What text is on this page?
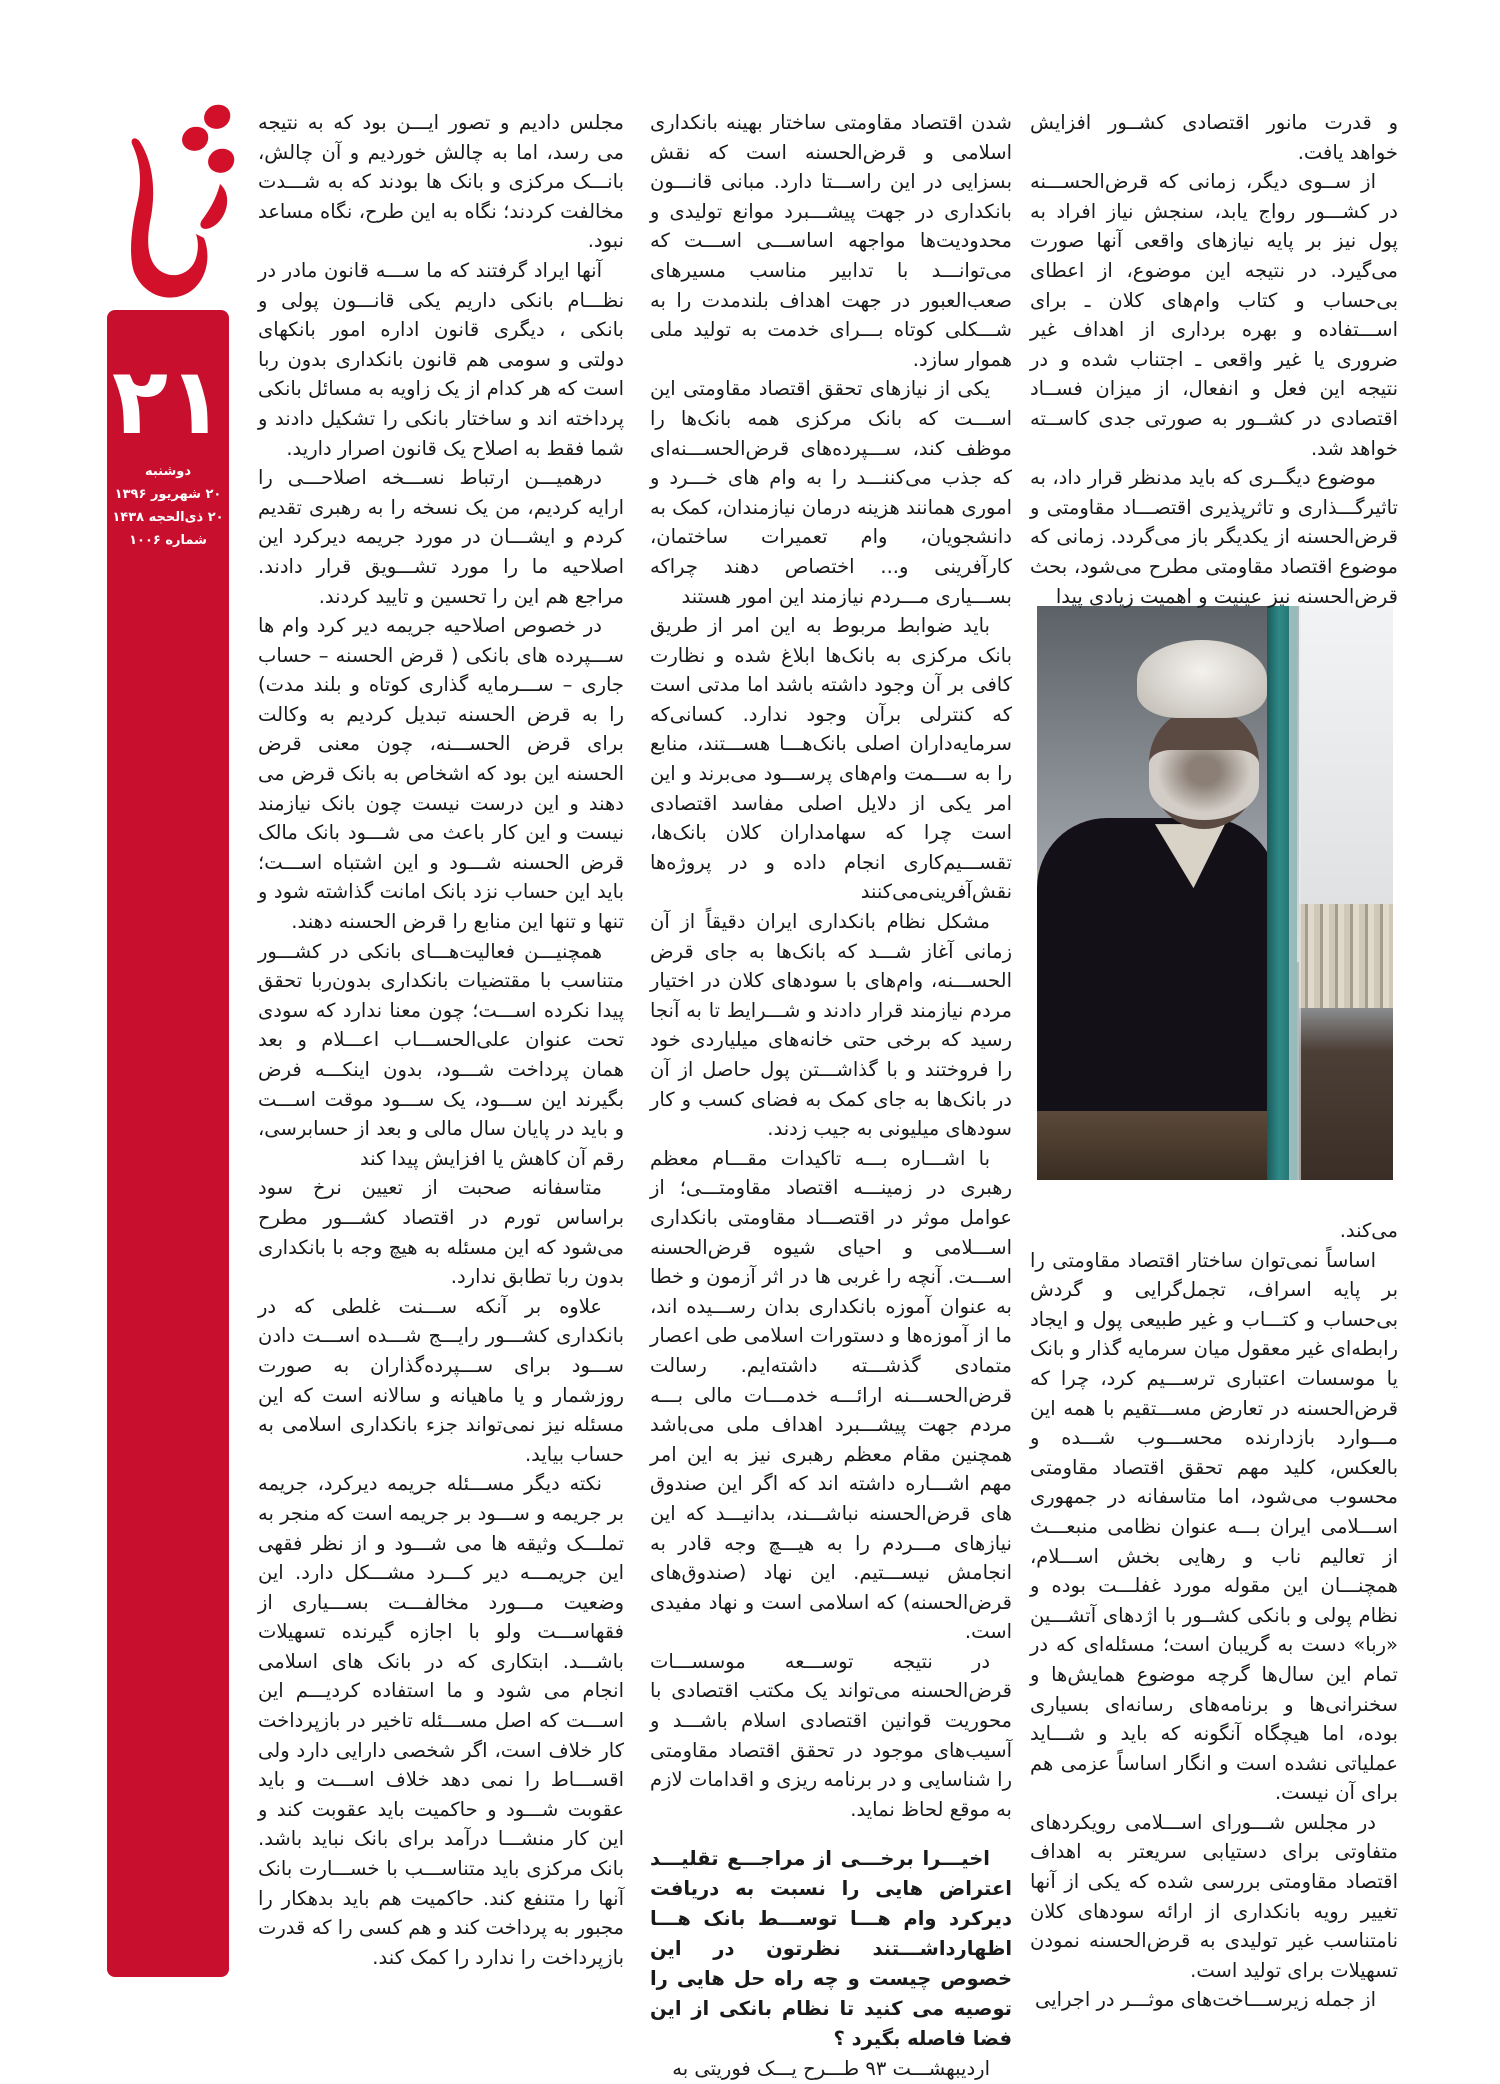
۲۱
دوشنبه
۲۰ شهریور ۱۳۹۶
۲۰ ذی‌الحجه ۱۴۳۸
شماره ۱۰۰۶

و قدرت مانور اقتصادی کشــور افزایش خواهد یافت.

از ســوی دیگر، زمانی که قرض‌الحســـنه در کشـــور رواج یابد، سنجش نیاز افراد به پول نیز بر پایه نیازهای واقعی آنها صورت می‌گیرد. در نتیجه این موضوع، از اعطای بی‌حساب و کتاب وام‌های کلان ـ برای اســـتفاده و بهره برداری از اهداف غیر ضروری یا غیر واقعی ـ اجتناب شده و در نتیجه این فعل و انفعال، از میزان فســاد اقتصادی در کشــور به صورتی جدی کاســته خواهد شد.

موضوع دیگــری که باید مدنظر قرار داد، به تاثیرگـــذاری و تاثرپذیری اقتصـــاد مقاومتی و قرض‌الحسنه از یکدیگر باز می‌گردد. زمانی که موضوع اقتصاد مقاومتی مطرح می‌شود، بحث قرض‌الحسنه نیز عینیت و اهمیت زیادی پیدا

می‌کند.

اساساً نمی‌توان ساختار اقتصاد مقاومتی را بر پایه اسراف، تجمل‌گرایی و گردش بی‌حساب و کتـــاب و غیر طبیعی پول و ایجاد رابطه‌ای غیر معقول میان سرمایه گذار و بانک یا موسسات اعتباری ترســـیم کرد، چرا که قرض‌الحسنه در تعارض مســـتقیم با همه این مـــوارد بازدارنده محســـوب شـــده و بالعکس، کلید مهم تحقق اقتصاد مقاومتی محسوب می‌شود، اما متاسفانه در جمهوری اســـلامی ایران بـــه عنوان نظامی منبعـــث از تعالیم ناب و رهایی بخش اســـلام، همچنـــان این مقوله مورد غفلـــت بوده و نظام پولی و بانکی کشــور با اژدهای آتشـــین «ربا» دست به گریبان است؛ مسئله‌ای که در تمام این سال‌ها گرچه موضوع همایش‌ها و سخنرانی‌ها و برنامه‌های رسانه‌ای بسیاری بوده، اما هیچگاه آنگونه که باید و شـــاید عملیاتی نشده است و انگار اساساً عزمی هم برای آن نیست.

در مجلس شـــورای اســـلامی رویکردهای متفاوتی برای دستیابی سریعتر به اهداف اقتصاد مقاومتی بررسی شده که یکی از آنها تغییر رویه بانکداری از ارائه سودهای کلان نامتناسب غیر تولیدی به قرض‌الحسنه نمودن تسهیلات برای تولید است.

از جمله زیرســـاخت‌های موثـــر در اجرایی

شدن اقتصاد مقاومتی ساختار بهینه بانکداری اسلامی و قرض‌الحسنه است که نقش بسزایی در این راســـتا دارد. مبانی قانـــون بانکداری در جهت پیشـــبرد موانع تولیدی و محدودیت‌ها مواجهه اساســـی اســـت که می‌توانـــد با تدابیر مناسب مسیرهای صعب‌العبور در جهت اهداف بلندمدت را به شـــکلی کوتاه بـــرای خدمت به تولید ملی هموار سازد.

یکی از نیازهای تحقق اقتصاد مقاومتی این اســـت که بانک مرکزی همه بانک‌ها را موظف کند، ســـپرده‌های قرض‌الحســـنه‌ای که جذب می‌کننـــد را به وام های خـــرد و اموری همانند هزینه درمان نیازمندان، کمک به دانشجویان، وام تعمیرات ساختمان، کارآفرینی و... اختصاص دهند چراکه بســـیاری مـــردم نیازمند این امور هستند

باید ضوابط مربوط به این امر از طریق بانک مرکزی به بانک‌ها ابلاغ شده و نظارت کافی بر آن وجود داشته باشد اما مدتی است که کنترلی برآن وجود ندارد. کسانی‌که سرمایه‌داران اصلی بانک‌هـــا هســـتند، منابع را به ســـمت وام‌های پرســـود می‌برند و این امر یکی از دلایل اصلی مفاسد اقتصادی است چرا که سهامداران کلان بانک‌ها، تقســـیم‌کاری انجام داده و در پروژه‌ها نقش‌آفرینی‌می‌کنند

مشکل نظام بانکداری ایران دقیقاً از آن زمانی آغاز شـــد که بانک‌ها به جای قرض الحســـنه، وام‌های با سودهای کلان در اختیار مردم نیازمند قرار دادند و شـــرایط تا به آنجا رسید که برخی حتی خانه‌های میلیاردی خود را فروختند و با گذاشـــتن پول حاصل از آن در بانک‌ها به جای کمک به فضای کسب و کار سودهای میلیونی به جیب زدند.

با اشـــاره بـــه تاکیدات مقـــام معظم رهبری در زمینـــه اقتصاد مقاومتـــی؛ از عوامل موثر در اقتصـــاد مقاومتی بانکداری اســـلامی و احیای شیوه قرض‌الحسنه اســـت. آنچه را غربی ها در اثر آزمون و خطا به عنوان آموزه بانکداری بدان رســـیده اند، ما از آموزه‌ها و دستورات اسلامی طی اعصار متمادی گذشـــته داشته‌ایم. رسالت قرض‌الحســـنه ارائـــه خدمـــات مالی بـــه مردم جهت پیشـــبرد اهداف ملی می‌باشد همچنین مقام معظم رهبری نیز به این امر مهم اشـــاره داشته اند که اگر این صندوق های قرض‌الحسنه نباشـــند، بدانیـــد که این نیازهای مـــردم را به هیـــچ وجه قادر به انجامش نیســـتیم. این نهاد (صندوق‌های قرض‌الحسنه) که اسلامی است و نهاد مفیدی است.

در نتیجه توســـعه موسســـات قرض‌الحسنه می‌تواند یک مکتب اقتصادی با محوریت قوانین اقتصادی اسلام باشـــد و آسیب‌های موجود در تحقق اقتصاد مقاومتی را شناسایی و در برنامه ریزی و اقدامات لازم به موقع لحاظ نماید.

اخیـــرا برخـــی از مراجـــع تقلیـــد اعتراض هایی را نسبت به دریافت دیرکرد وام هـــا توســـط بانک هـــا اظهارداشـــتند نظرتون در این خصوص چیست و چه راه حل هایی را توصیه می کنید تا نظام بانکی از این فضا فاصله بگیرد ؟

اردیبهشـــت ۹۳ طـــرح یـــک فوریتی به

مجلس دادیم و تصور ایـــن بود که به نتیجه می رسد، اما به چالش خوردیم و آن چالش، بانـــک مرکزی و بانک ها بودند که به شـــدت مخالفت کردند؛ نگاه به این طرح، نگاه مساعد نبود.

آنها ایراد گرفتند که ما ســـه قانون مادر در نظـــام بانکی داریم یکی قانـــون پولی و بانکی ، دیگری قانون اداره امور بانکهای دولتی و سومی هم قانون بانکداری بدون ربا است که هر کدام از یک زاویه به مسائل بانکی پرداخته اند و ساختار بانکی را تشکیل دادند و شما فقط به اصلاح یک قانون اصرار دارید.

درهمیـــن ارتباط نســـخه اصلاحـــی را ارایه کردیم، من یک نسخه را به رهبری تقدیم کردم و ایشـــان در مورد جریمه دیرکرد این اصلاحیه ما را مورد تشـــویق قرار دادند. مراجع هم این را تحسین و تایید کردند.

در خصوص اصلاحیه جریمه دیر کرد وام ها ســـپرده های بانکی ( قرض الحسنه – حساب جاری – ســـرمایه گذاری کوتاه و بلند مدت) را به قرض الحسنه تبدیل کردیم به وکالت برای قرض الحســـنه، چون معنی قرض الحسنه این بود که اشخاص به بانک قرض می دهند و این درست نیست چون بانک نیازمند نیست و این کار باعث می شـــود بانک مالک قرض الحسنه شـــود و این اشتباه اســـت؛ باید این حساب نزد بانک امانت گذاشته شود و تنها و تنها این منابع را قرض الحسنه دهند.

همچنیـــن فعالیت‌هـــای بانکی در کشـــور متناسب با مقتضیات بانکداری بدون‌ربا تحقق پیدا نکرده اســـت؛ چون معنا ندارد که سودی تحت عنوان علی‌الحســـاب اعـــلام و بعد همان پرداخت شـــود، بدون اینکـــه فرض بگیرند این ســـود، یک ســـود موقت اســـت و باید در پایان سال مالی و بعد از حسابرسی، رقم آن کاهش یا افزایش پیدا کند

متاسفانه صحبت از تعیین نرخ سود براساس تورم در اقتصاد کشـــور مطرح می‌شود که این مسئله به هیچ وجه با بانکداری بدون ربا تطابق ندارد.

علاوه بر آنکه ســـنت غلطی که در بانکداری کشـــور رایـــج شـــده اســـت دادن ســـود برای ســـپرده‌گذاران به صورت روزشمار و یا ماهیانه و سالانه است که این مسئله نیز نمی‌تواند جزء بانکداری اسلامی به حساب بیاید.

نکته دیگر مســـئله جریمه دیرکرد، جریمه بر جریمه و ســـود بر جریمه است که منجر به تملـــک وثیقه ها می شـــود و از نظر فقهی این جریمـــه دیر کـــرد مشـــکل دارد. این وضعیت مـــورد مخالفـــت بســـیاری از فقهاســـت ولو با اجازه گیرنده تسهیلات باشـــد. ابتکاری که در بانک های اسلامی انجام می شود و ما استفاده کردیـــم این اســـت که اصل مســـئله تاخیر در بازپرداخت کار خلاف است، اگر شخصی دارایی دارد ولی اقســـاط را نمی دهد خلاف اســـت و باید عقوبت شـــود و حاکمیت باید عقوبت کند و این کار منشـــا درآمد برای بانک نباید باشد. بانک مرکزی باید متناســـب با خســـارت بانک آنها را متنفع کند. حاکمیت هم باید بدهکار را مجبور به پرداخت کند و هم کسی را که قدرت بازپرداخت را ندارد را کمک کند.
